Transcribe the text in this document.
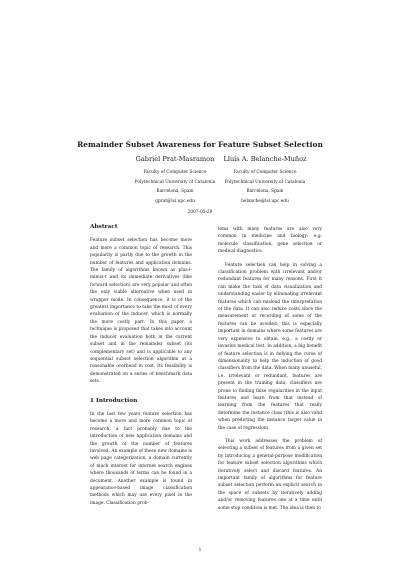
Remainder Subset Awareness for Feature Subset Selection
Gabriel Prat-Masramon
Faculty of Computer Science
Polytechnical University of Catalonia
Barcelona, Spain
gprat@lsi.upc.edu
Lluís A. Belanche-Muñoz
Faculty of Computer Science
Polytechnical University of Catalonia
Barcelona, Spain
belanche@lsi.upc.edu
2007-05-29
Abstract

Feature subset selection has become more and more a common topic of research. This popularity is partly due to the growth in the number of features and application domains. The family of algorithms known as plus-l-minus-r and its immediate derivatives (like forward selection) are very popular and often the only viable alternative when used in wrapper mode. In consequence, it is of the greatest importance to take the most of every evaluation of the inducer, which is normally the more costly part. In this paper, a technique is proposed that takes into account the inducer evaluation both in the current subset and in the remainder subset (its complementary set) and is applicable to any sequential subset selection algorithm at a reasonable overhead in cost. Its feasibility is demonstrated on a series of benchmark data sets.

1 Introduction

In the last few years feature selection has become a more and more common topic of research, a fact probably due to the introduction of new application domains and the growth of the number of features involved. An example of these new domains is web page categorization, a domain currently of much interest for internet search engines where thousands of terms can be found in a document. Another example is found in appearance-based image classification methods which may use every pixel in the image. Classification prob-

lems with many features are also very common in medicine and biology: e.g. molecule classification, gene selection or medical diagnostics.

Feature selection can help in solving a classification problem with irrelevant and/or redundant features for many reasons. First it can make the task of data visualization and understanding easier by eliminating irrelevant features which can mislead the interpretation of the data. It can also reduce costs since the measurement or recording of some of the features can be avoided; this is especially important in domains where some features are very expensive to obtain, e.g., a costly or invasive medical test. In addition, a big benefit of feature selection is in defying the curse of dimensionality to help the induction of good classifiers from the data. When many unuseful, i.e. irrelevant or redundant, features are present in the training data, classifiers are prone to finding false regularities in the input features and learn from that instead of learning from the features that really determine the instance class (this is also valid when predicting the instance target value in the case of regression).

This work addresses the problem of selecting a subset of features from a given set by introducing a general-purpose modification for feature subset selection algorithms which iteratively select and discard features. An important family of algorithms for feature subset selection perform an explicit search in the space of subsets by iteratively adding and/or removing features one at a time until some stop condition is met. The idea is then to

1
